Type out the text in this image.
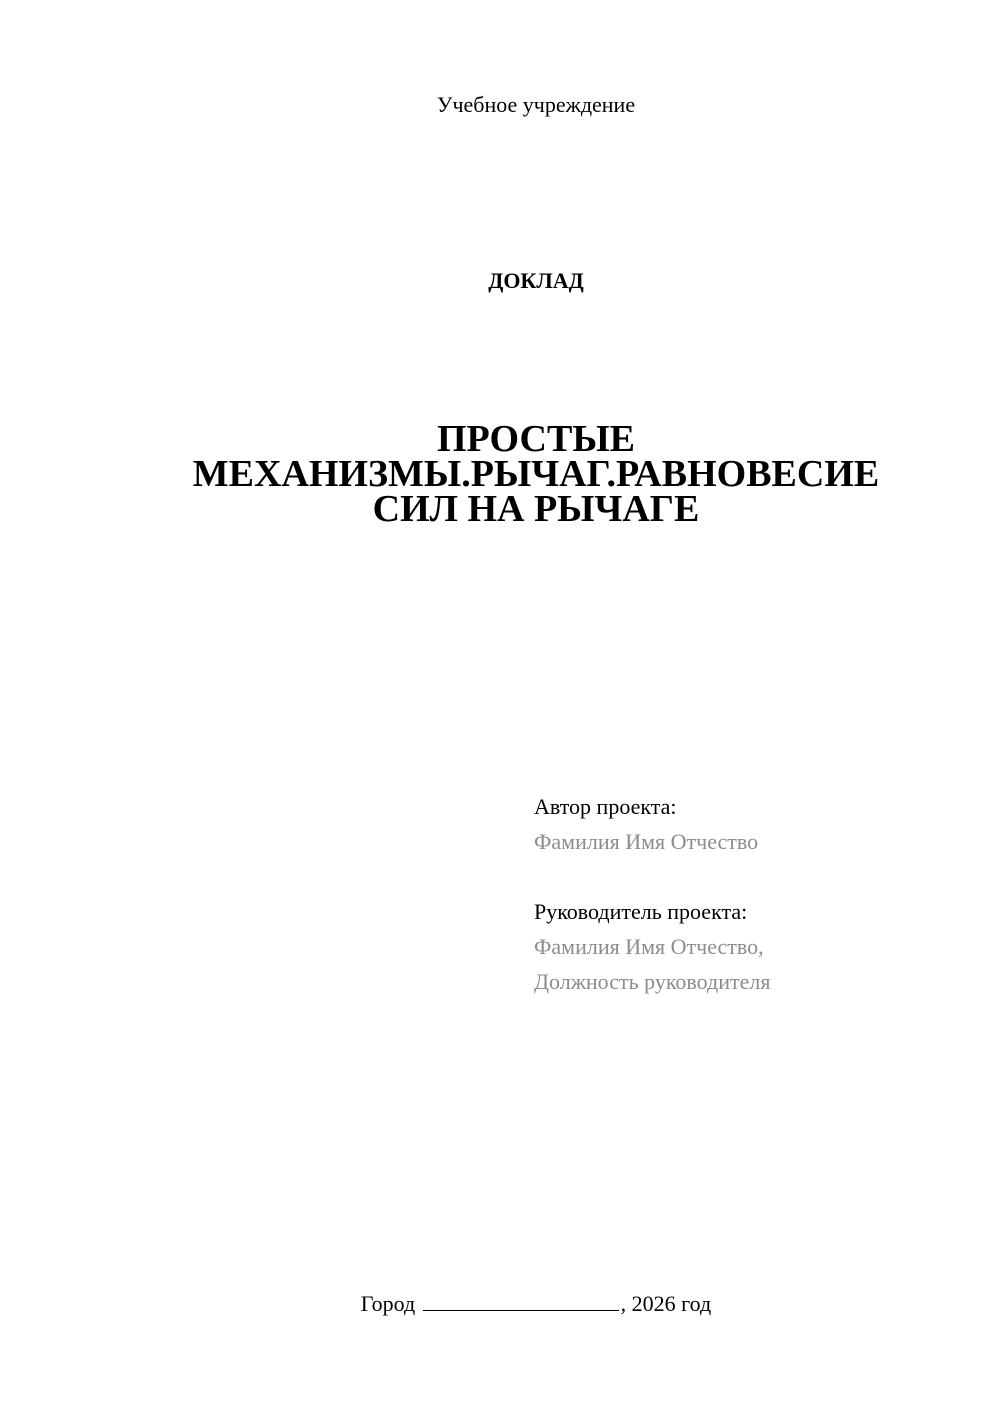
Учебное учреждение
ДОКЛАД
ПРОСТЫЕ
МЕХАНИЗМЫ.РЫЧАГ.РАВНОВЕСИЕ
СИЛ НА РЫЧАГЕ
Автор проекта:
Фамилия Имя Отчество
Руководитель проекта:
Фамилия Имя Отчество,
Должность руководителя
Город	, 2026 год
